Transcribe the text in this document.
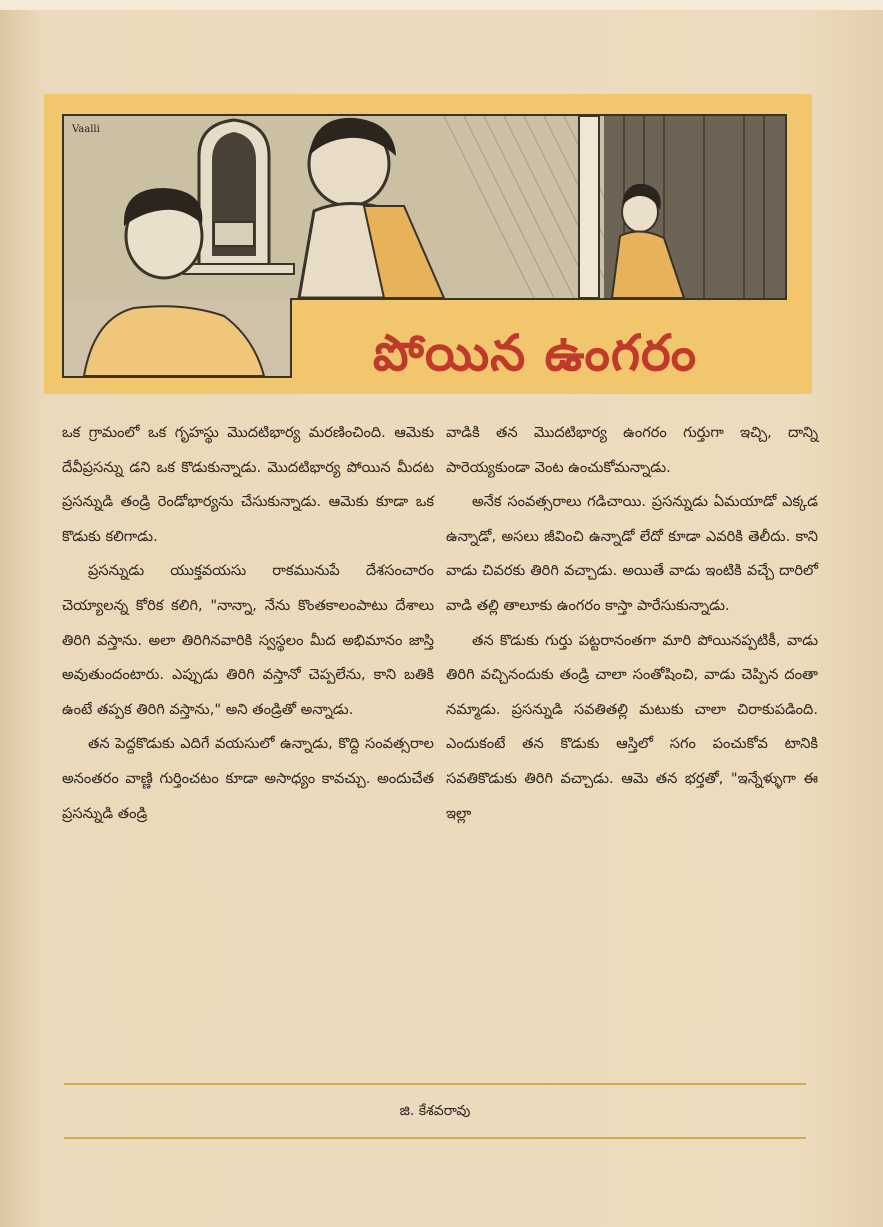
Vaalli
పోయిన ఉంగరం

ఒక గ్రామంలో ఒక గృహస్థు మొదటిభార్య మరణించింది. ఆమెకు దేవీప్రసన్ను డని ఒక కొడుకున్నాడు. మొదటిభార్య పోయిన మీదట ప్రసన్నుడి తండ్రి రెండోభార్యను చేసుకున్నాడు. ఆమెకు కూడా ఒక కొడుకు కలిగాడు.

ప్రసన్నుడు యుక్తవయసు రాకమునుపే దేశసంచారం చెయ్యాలన్న కోరిక కలిగి, "నాన్నా, నేను కొంతకాలంపాటు దేశాలు తిరిగి వస్తాను. అలా తిరిగినవారికి స్వస్థలం మీద అభిమానం జాస్తి అవుతుందంటారు. ఎప్పుడు తిరిగి వస్తానో చెప్పలేను, కాని బతికి ఉంటే తప్పక తిరిగి వస్తాను," అని తండ్రితో అన్నాడు.

తన పెద్దకొడుకు ఎదిగే వయసులో ఉన్నాడు, కొద్ది సంవత్సరాల అనంతరం వాణ్ణి గుర్తించటం కూడా అసాధ్యం కావచ్చు. అందుచేత ప్రసన్నుడి తండ్రి

వాడికి తన మొదటిభార్య ఉంగరం గుర్తుగా ఇచ్చి, దాన్ని పారెయ్యకుండా వెంట ఉంచుకోమన్నాడు.

అనేక సంవత్సరాలు గడిచాయి. ప్రసన్నుడు ఏమయాడో ఎక్కడ ఉన్నాడో, అసలు జీవించి ఉన్నాడో లేదో కూడా ఎవరికి తెలీదు. కాని వాడు చివరకు తిరిగి వచ్చాడు. అయితే వాడు ఇంటికి వచ్చే దారిలో వాడి తల్లి తాలూకు ఉంగరం కాస్తా పారేసుకున్నాడు.

తన కొడుకు గుర్తు పట్టరానంతగా మారి పోయినప్పటికీ, వాడు తిరిగి వచ్చినందుకు తండ్రి చాలా సంతోషించి, వాడు చెప్పిన దంతా నమ్మాడు. ప్రసన్నుడి సవతితల్లి మటుకు చాలా చిరాకుపడింది. ఎందుకంటే తన కొడుకు ఆస్తిలో సగం పంచుకోవ టానికి సవతికొడుకు తిరిగి వచ్చాడు. ఆమె తన భర్తతో, "ఇన్నేళ్ళుగా ఈ ఇల్లా

జి. కేశవరావు
